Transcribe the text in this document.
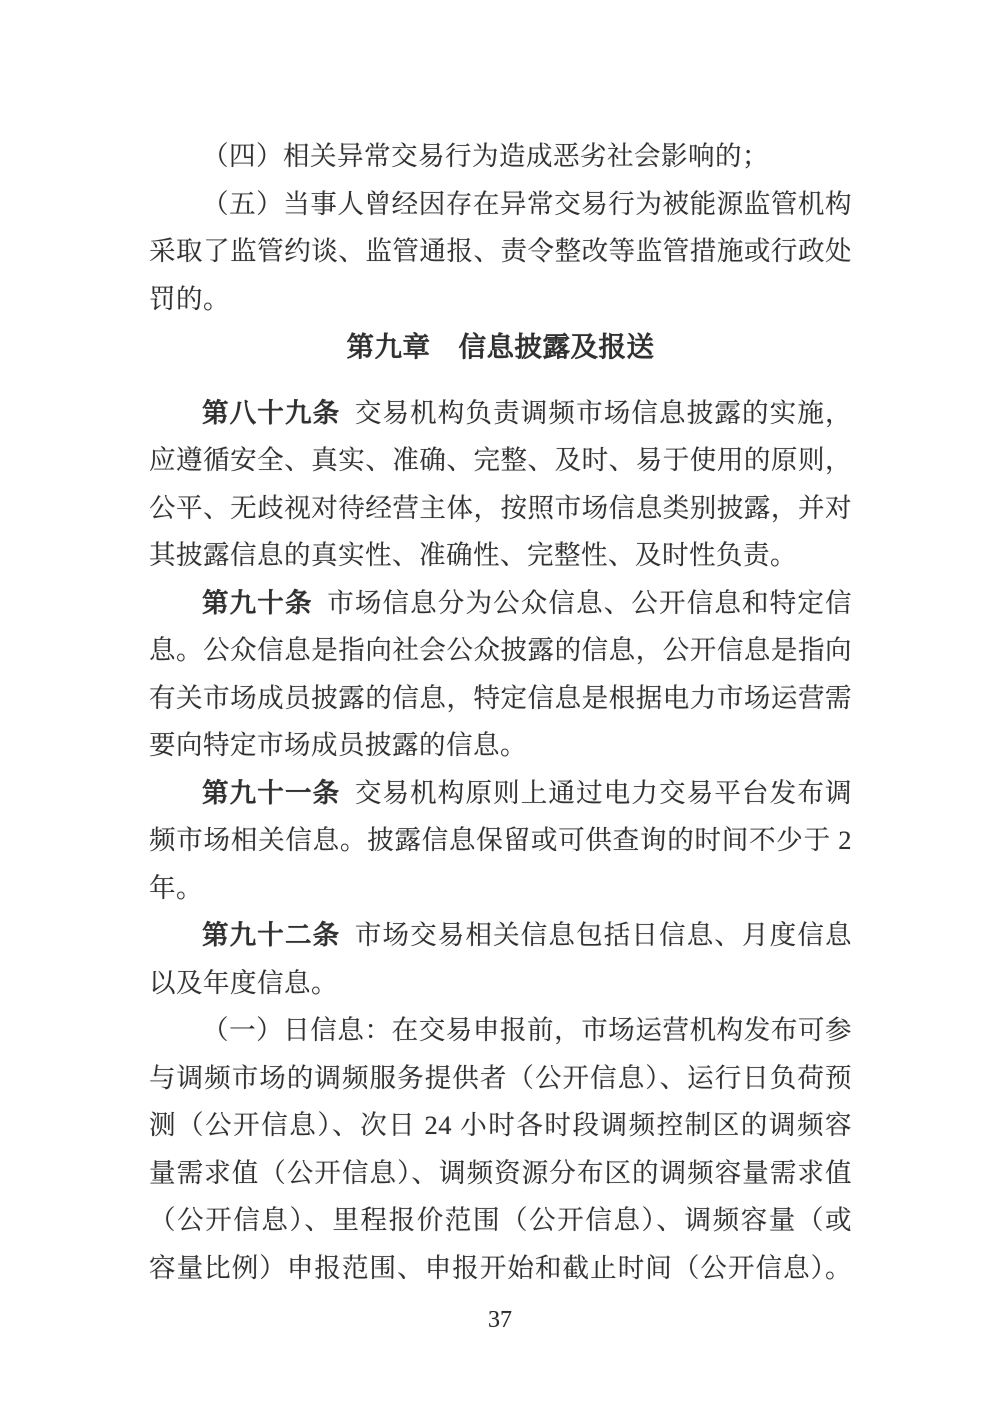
（四）相关异常交易行为造成恶劣社会影响的；
（五）当事人曾经因存在异常交易行为被能源监管机构
采取了监管约谈、监管通报、责令整改等监管措施或行政处
罚的。
第九章　信息披露及报送
第八十九条 交易机构负责调频市场信息披露的实施，
应遵循安全、真实、准确、完整、及时、易于使用的原则，
公平、无歧视对待经营主体，按照市场信息类别披露，并对
其披露信息的真实性、准确性、完整性、及时性负责。
第九十条 市场信息分为公众信息、公开信息和特定信
息。公众信息是指向社会公众披露的信息，公开信息是指向
有关市场成员披露的信息，特定信息是根据电力市场运营需
要向特定市场成员披露的信息。
第九十一条 交易机构原则上通过电力交易平台发布调
频市场相关信息。披露信息保留或可供查询的时间不少于 2
年。
第九十二条 市场交易相关信息包括日信息、月度信息
以及年度信息。
（一）日信息：在交易申报前，市场运营机构发布可参
与调频市场的调频服务提供者（公开信息）、运行日负荷预
测（公开信息）、次日 24 小时各时段调频控制区的调频容
量需求值（公开信息）、调频资源分布区的调频容量需求值
（公开信息）、里程报价范围（公开信息）、调频容量（或
容量比例）申报范围、申报开始和截止时间（公开信息）。
37
